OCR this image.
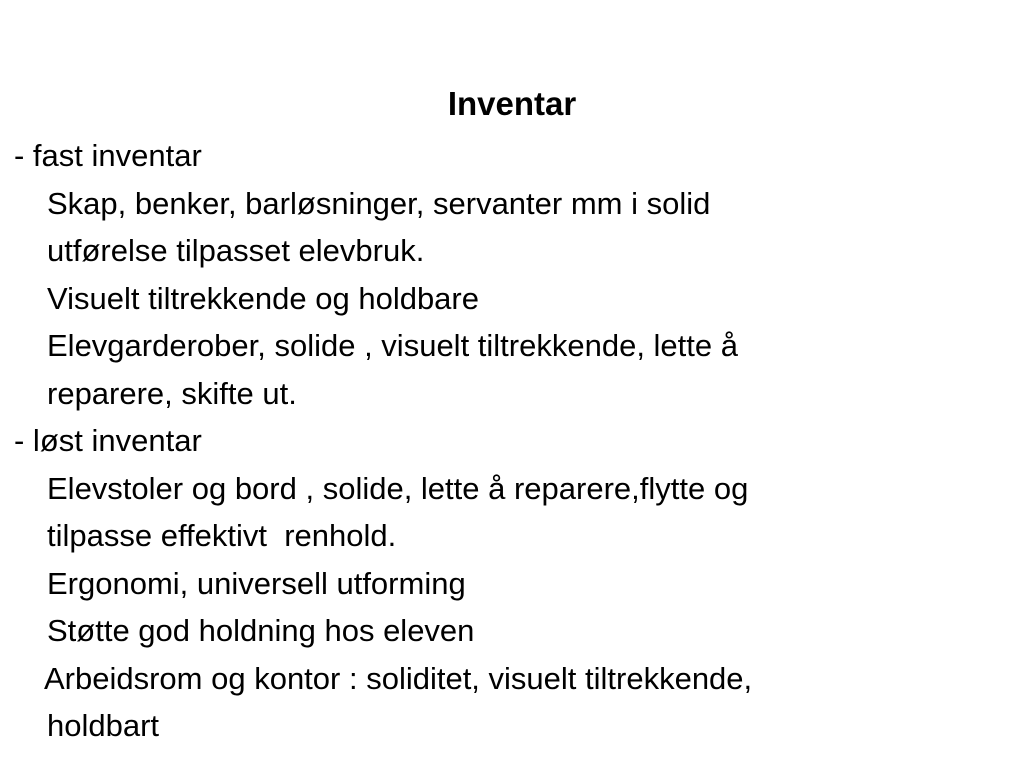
Inventar
- fast inventar
Skap, benker, barløsninger, servanter mm i solid
utførelse tilpasset elevbruk.
Visuelt tiltrekkende og holdbare
Elevgarderober, solide , visuelt tiltrekkende, lette å
reparere, skifte ut.
- løst inventar
Elevstoler og bord , solide, lette å reparere,flytte og
tilpasse effektivt  renhold.
Ergonomi, universell utforming
Støtte god holdning hos eleven
Arbeidsrom og kontor : soliditet, visuelt tiltrekkende,
holdbart
